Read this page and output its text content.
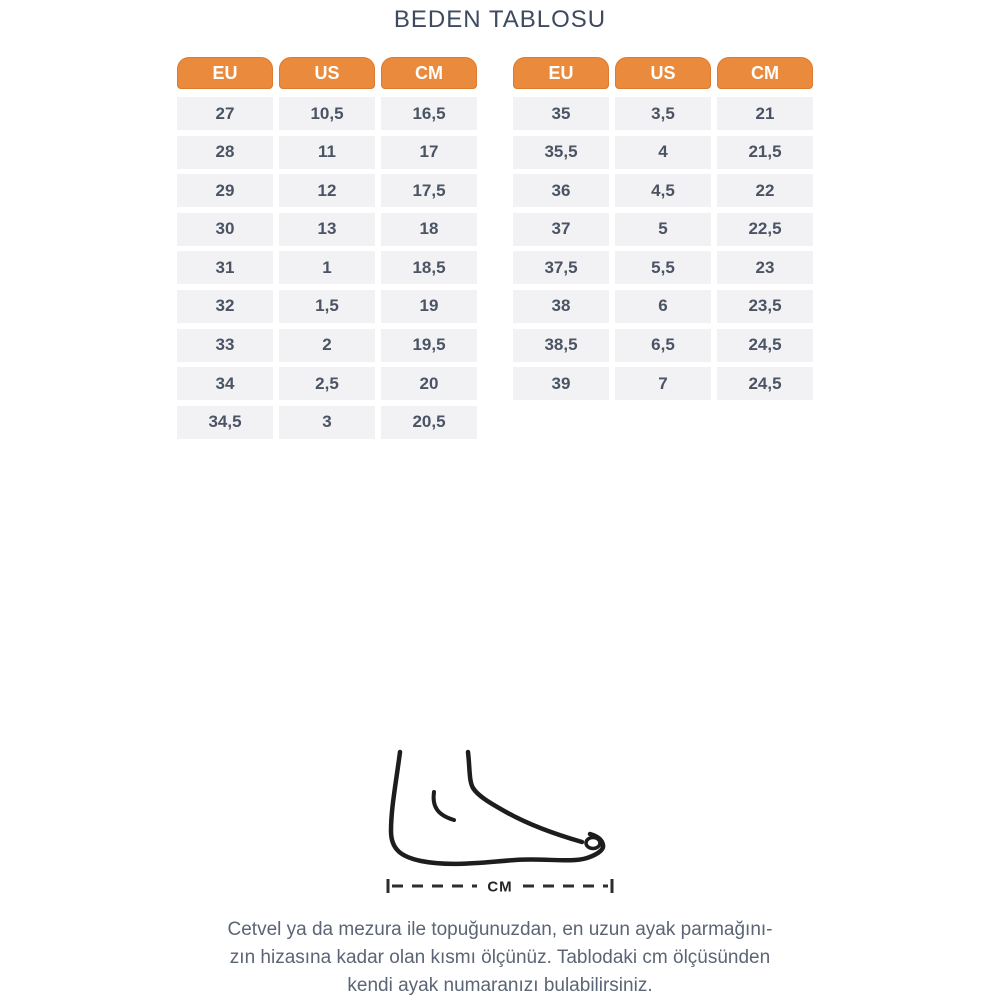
BEDEN TABLOSU
EU	US	CM
27	10,5	16,5
28	11	17
29	12	17,5
30	13	18
31	1	18,5
32	1,5	19
33	2	19,5
34	2,5	20
34,5	3	20,5
EU	US	CM
35	3,5	21
35,5	4	21,5
36	4,5	22
37	5	22,5
37,5	5,5	23
38	6	23,5
38,5	6,5	24,5
39	7	24,5
CM
Cetvel ya da mezura ile topuğunuzdan, en uzun ayak parmağını-
zın hizasına kadar olan kısmı ölçünüz. Tablodaki cm ölçüsünden
kendi ayak numaranızı bulabilirsiniz.
